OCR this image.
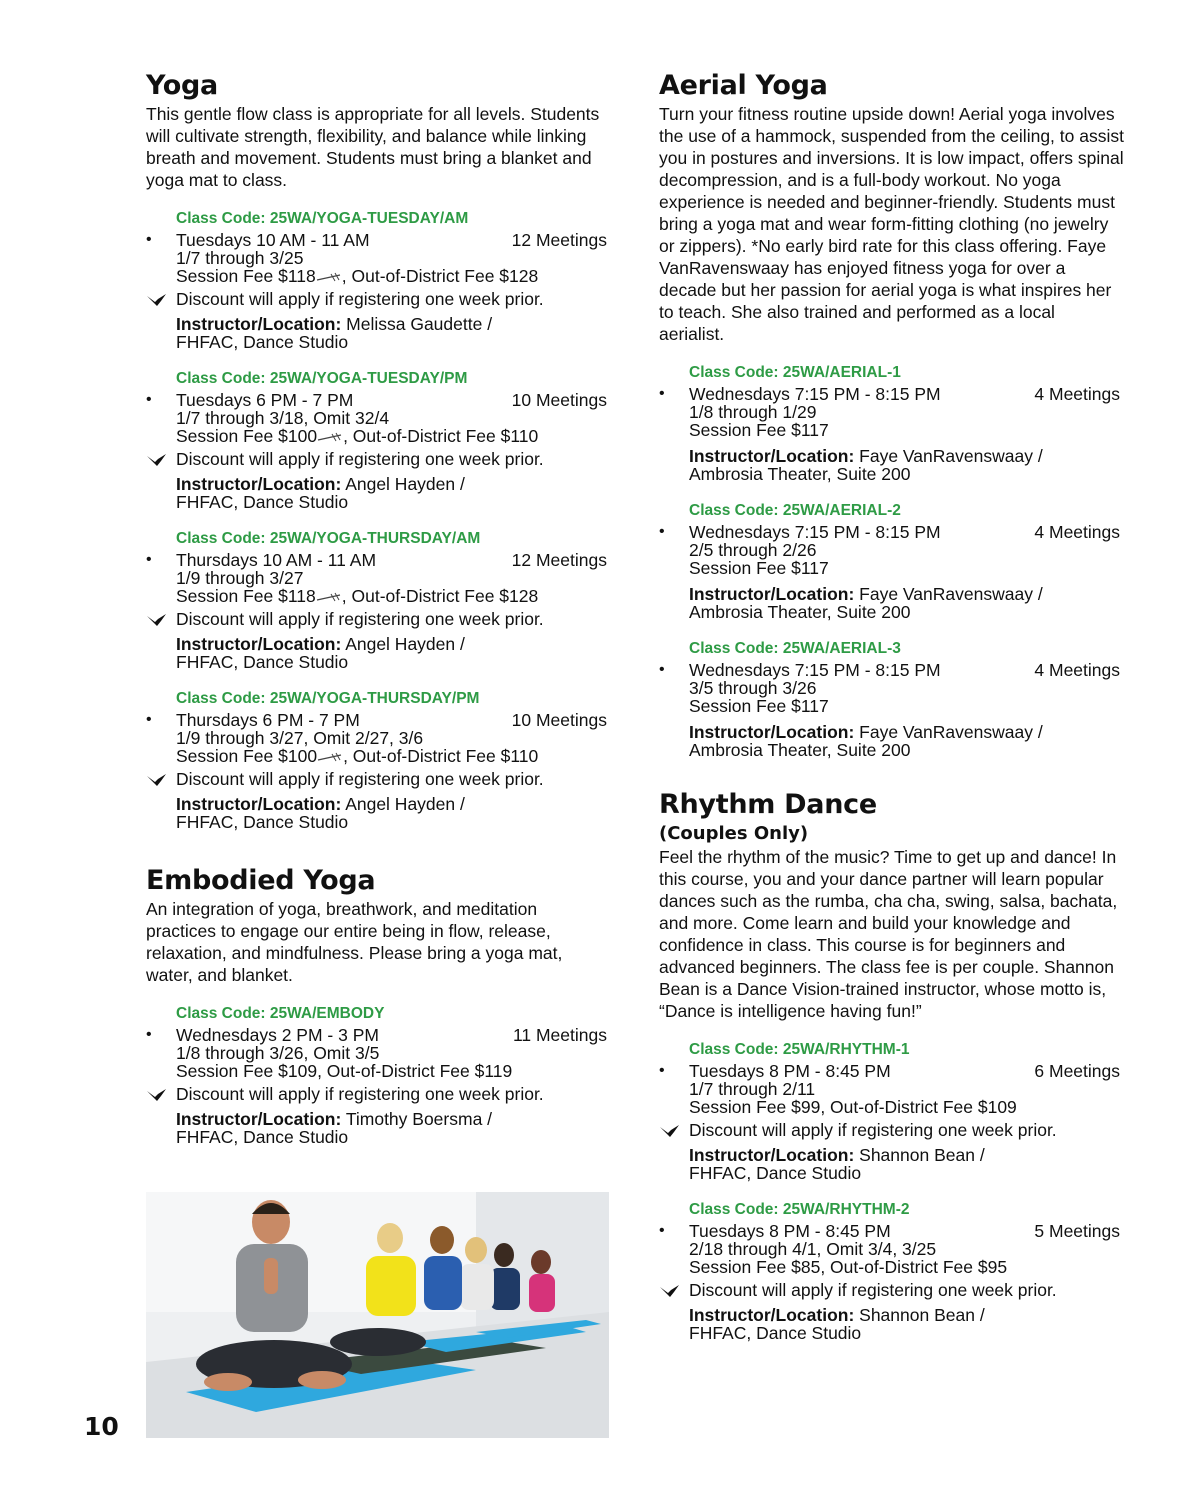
Yoga

This gentle flow class is appropriate for all levels. Students will cultivate strength, flexibility, and balance while linking breath and movement. Students must bring a blanket and yoga mat to class.

Class Code: 25WA/YOGA-TUESDAY/AM
• Tuesdays 10 AM - 11 AM	12 Meetings
1/7 through 3/25
Session Fee $118 , Out-of-District Fee $128
Discount will apply if registering one week prior.
Instructor/Location: Melissa Gaudette /
FHFAC, Dance Studio
Class Code: 25WA/YOGA-TUESDAY/PM
• Tuesdays 6 PM - 7 PM	10 Meetings
1/7 through 3/18, Omit 32/4
Session Fee $100 , Out-of-District Fee $110
Discount will apply if registering one week prior.
Instructor/Location: Angel Hayden /
FHFAC, Dance Studio
Class Code: 25WA/YOGA-THURSDAY/AM
• Thursdays 10 AM - 11 AM	12 Meetings
1/9 through 3/27
Session Fee $118 , Out-of-District Fee $128
Discount will apply if registering one week prior.
Instructor/Location: Angel Hayden /
FHFAC, Dance Studio
Class Code: 25WA/YOGA-THURSDAY/PM
• Thursdays 6 PM - 7 PM	10 Meetings
1/9 through 3/27, Omit 2/27, 3/6
Session Fee $100 , Out-of-District Fee $110
Discount will apply if registering one week prior.
Instructor/Location: Angel Hayden /
FHFAC, Dance Studio
Embodied Yoga

An integration of yoga, breathwork, and meditation practices to engage our entire being in flow, release, relaxation, and mindfulness. Please bring a yoga mat, water, and blanket.

Class Code: 25WA/EMBODY
• Wednesdays 2 PM - 3 PM	11 Meetings
1/8 through 3/26, Omit 3/5
Session Fee $109, Out-of-District Fee $119
Discount will apply if registering one week prior.
Instructor/Location: Timothy Boersma /
FHFAC, Dance Studio
Aerial Yoga

Turn your fitness routine upside down! Aerial yoga involves the use of a hammock, suspended from the ceiling, to assist you in postures and inversions. It is low impact, offers spinal decompression, and is a full-body workout. No yoga experience is needed and beginner-friendly. Students must bring a yoga mat and wear form-fitting clothing (no jewelry or zippers). *No early bird rate for this class offering. Faye VanRavenswaay has enjoyed fitness yoga for over a decade but her passion for aerial yoga is what inspires her to teach. She also trained and performed as a local aerialist.

Class Code: 25WA/AERIAL-1
• Wednesdays 7:15 PM - 8:15 PM	4 Meetings
1/8 through 1/29
Session Fee $117
Instructor/Location: Faye VanRavenswaay /
Ambrosia Theater, Suite 200
Class Code: 25WA/AERIAL-2
• Wednesdays 7:15 PM - 8:15 PM	4 Meetings
2/5 through 2/26
Session Fee $117
Instructor/Location: Faye VanRavenswaay /
Ambrosia Theater, Suite 200
Class Code: 25WA/AERIAL-3
• Wednesdays 7:15 PM - 8:15 PM	4 Meetings
3/5 through 3/26
Session Fee $117
Instructor/Location: Faye VanRavenswaay /
Ambrosia Theater, Suite 200
Rhythm Dance
(Couples Only)

Feel the rhythm of the music? Time to get up and dance! In this course, you and your dance partner will learn popular dances such as the rumba, cha cha, swing, salsa, bachata, and more. Come learn and build your knowledge and confidence in class. This course is for beginners and advanced beginners. The class fee is per couple. Shannon Bean is a Dance Vision-trained instructor, whose motto is, “Dance is intelligence having fun!”

Class Code: 25WA/RHYTHM-1
• Tuesdays 8 PM - 8:45 PM	6 Meetings
1/7 through 2/11
Session Fee $99, Out-of-District Fee $109
Discount will apply if registering one week prior.
Instructor/Location: Shannon Bean /
FHFAC, Dance Studio
Class Code: 25WA/RHYTHM-2
• Tuesdays 8 PM - 8:45 PM	5 Meetings
2/18 through 4/1, Omit 3/4, 3/25
Session Fee $85, Out-of-District Fee $95
Discount will apply if registering one week prior.
Instructor/Location: Shannon Bean /
FHFAC, Dance Studio
10
